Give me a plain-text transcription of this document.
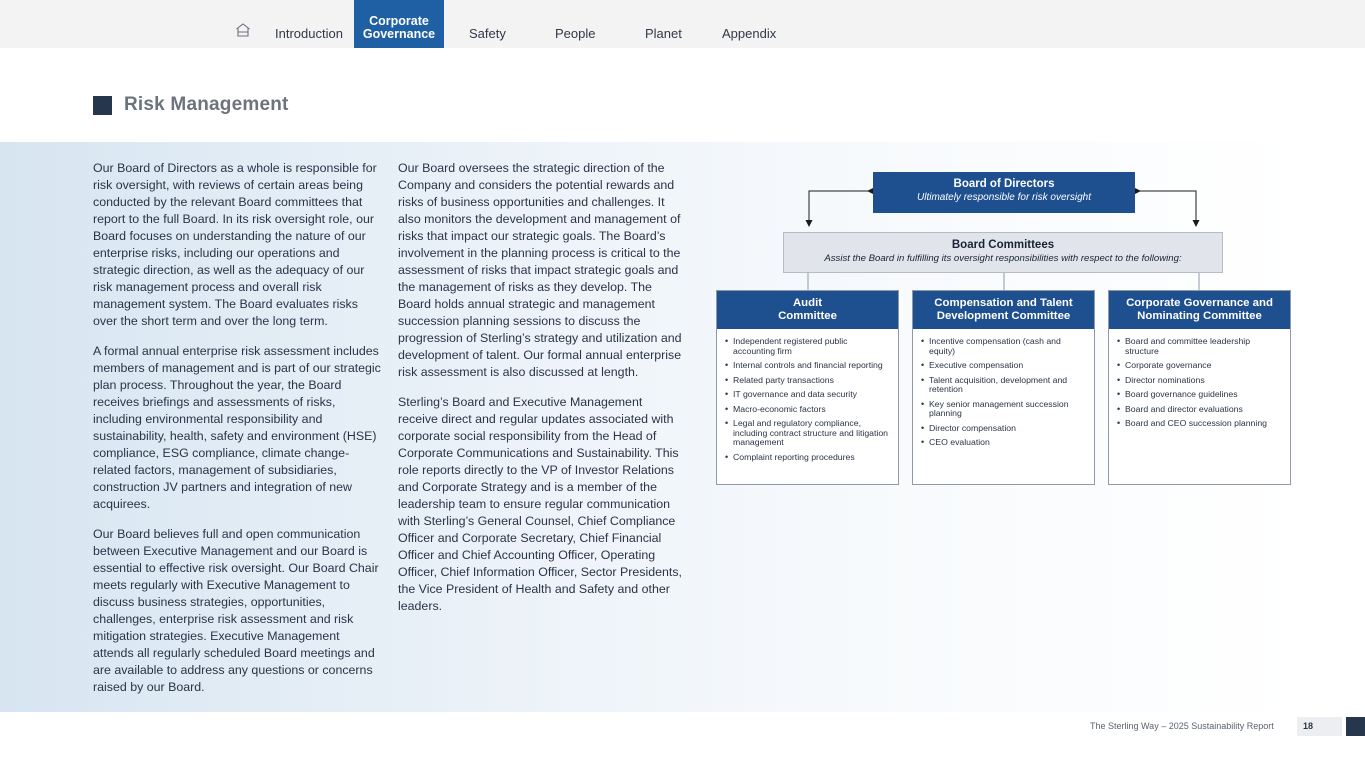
Introduction
Corporate
Governance	Safety	People	Planet	Appendix
Risk Management

Our Board of Directors as a whole is responsible for risk oversight, with reviews of certain areas being conducted by the relevant Board committees that report to the full Board. In its risk oversight role, our Board focuses on understanding the nature of our enterprise risks, including our operations and strategic direction, as well as the adequacy of our risk management process and overall risk management system. The Board evaluates risks over the short term and over the long term.

A formal annual enterprise risk assessment includes members of management and is part of our strategic plan process. Throughout the year, the Board receives briefings and assessments of risks, including environmental responsibility and sustainability, health, safety and environment (HSE) compliance, ESG compliance, climate change-related factors, management of subsidiaries, construction JV partners and integration of new acquirees.

Our Board believes full and open communication between Executive Management and our Board is essential to effective risk oversight. Our Board Chair meets regularly with Executive Management to discuss business strategies, opportunities, challenges, enterprise risk assessment and risk mitigation strategies. Executive Management attends all regularly scheduled Board meetings and are available to address any questions or concerns raised by our Board.

Our Board oversees the strategic direction of the Company and considers the potential rewards and risks of business opportunities and challenges. It also monitors the development and management of risks that impact our strategic goals. The Board’s involvement in the planning process is critical to the assessment of risks that impact strategic goals and the management of risks as they develop. The Board holds annual strategic and management succession planning sessions to discuss the progression of Sterling’s strategy and utilization and development of talent. Our formal annual enterprise risk assessment is also discussed at length.

Sterling’s Board and Executive Management receive direct and regular updates associated with corporate social responsibility from the Head of Corporate Communications and Sustainability. This role reports directly to the VP of Investor Relations and Corporate Strategy and is a member of the leadership team to ensure regular communication with Sterling’s General Counsel, Chief Compliance Officer and Corporate Secretary, Chief Financial Officer and Chief Accounting Officer, Operating Officer, Chief Information Officer, Sector Presidents, the Vice President of Health and Safety and other leaders.

Board of Directors
Ultimately responsible for risk oversight
Board Committees
Assist the Board in fulfilling its oversight responsibilities with respect to the following:
Audit
Committee
• Independent registered public accounting firm
• Internal controls and financial reporting
• Related party transactions
• IT governance and data security
• Macro-economic factors
• Legal and regulatory compliance, including contract structure and litigation management
• Complaint reporting procedures
Compensation and Talent
Development Committee
• Incentive compensation (cash and equity)
• Executive compensation
• Talent acquisition, development and retention
• Key senior management succession planning
• Director compensation
• CEO evaluation
Corporate Governance and
Nominating Committee
• Board and committee leadership structure
• Corporate governance
• Director nominations
• Board governance guidelines
• Board and director evaluations
• Board and CEO succession planning
The Sterling Way – 2025 Sustainability Report	18
